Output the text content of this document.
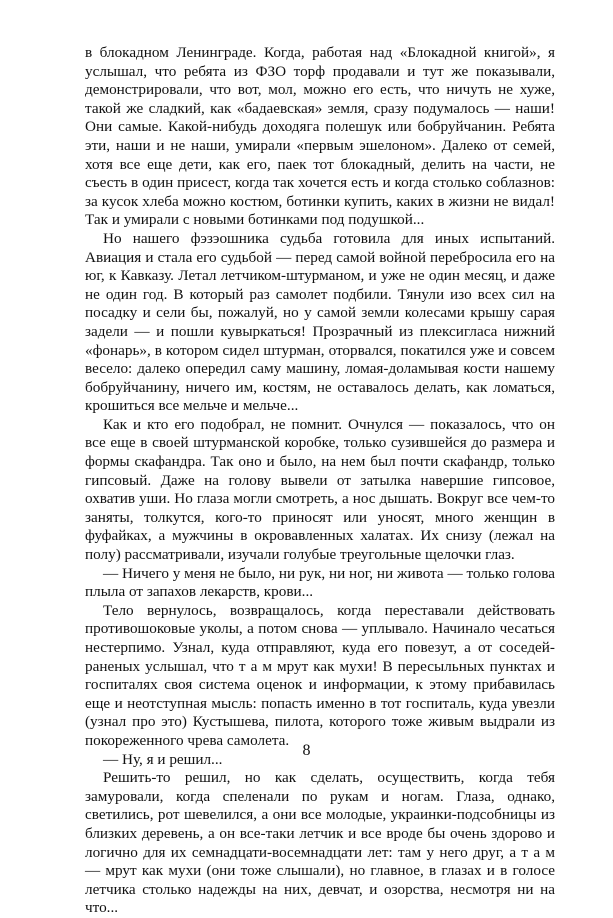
в блокадном Ленинграде. Когда, работая над «Блокадной книгой», я услышал, что ребята из ФЗО торф продавали и тут же показывали, демонстрировали, что вот, мол, можно его есть, что ничуть не хуже, такой же сладкий, как «бадаевская» земля, сразу подумалось — наши! Они самые. Какой-нибудь доходяга полешук или бобруйчанин. Ребята эти, наши и не наши, умирали «первым эшелоном». Далеко от семей, хотя все еще дети, как его, паек тот блокадный, делить на части, не съесть в один присест, когда так хочется есть и когда столько соблазнов: за кусок хлеба можно костюм, ботинки купить, каких в жизни не видал! Так и умирали с новыми ботинками под подушкой...

Но нашего фэзэошника судьба готовила для иных испытаний. Авиация и стала его судьбой — перед самой войной перебросила его на юг, к Кавказу. Летал летчиком-штурманом, и уже не один месяц, и даже не один год. В который раз самолет подбили. Тянули изо всех сил на посадку и сели бы, пожалуй, но у самой земли колесами крышу сарая задели — и пошли кувыркаться! Прозрачный из плексигласа нижний «фонарь», в котором сидел штурман, оторвался, покатился уже и совсем весело: далеко опередил саму машину, ломая-доламывая кости нашему бобруйчанину, ничего им, костям, не оставалось делать, как ломаться, крошиться все мельче и мельче...

Как и кто его подобрал, не помнит. Очнулся — показалось, что он все еще в своей штурманской коробке, только сузившейся до размера и формы скафандра. Так оно и было, на нем был почти скафандр, только гипсовый. Даже на голову вывели от затылка навершие гипсовое, охватив уши. Но глаза могли смотреть, а нос дышать. Вокруг все чем-то заняты, толкутся, кого-то приносят или уносят, много женщин в фуфайках, а мужчины в окровавленных халатах. Их снизу (лежал на полу) рассматривали, изучали голубые треугольные щелочки глаз.

— Ничего у меня не было, ни рук, ни ног, ни живота — только голова плыла от запахов лекарств, крови...

Тело вернулось, возвращалось, когда переставали действовать противошоковые уколы, а потом снова — уплывало. Начинало чесаться нестерпимо. Узнал, куда отправляют, куда его повезут, а от соседей-раненых услышал, что т а м мрут как мухи! В пересыльных пунктах и госпиталях своя система оценок и информации, к этому прибавилась еще и неотступная мысль: попасть именно в тот госпиталь, куда увезли (узнал про это) Кустышева, пилота, которого тоже живым выдрали из покореженного чрева самолета.

— Ну, я и решил...

Решить-то решил, но как сделать, осуществить, когда тебя замуровали, когда спеленали по рукам и ногам. Глаза, однако, светились, рот шевелился, а они все молодые, украинки-подсобницы из близких деревень, а он все-таки летчик и все вроде бы очень здорово и логично для их семнадцати-восемнадцати лет: там у него друг, а т а м — мрут как мухи (они тоже слышали), но главное, в глазах и в голосе летчика столько надежды на них, девчат, и озорства, несмотря ни на что...

8
